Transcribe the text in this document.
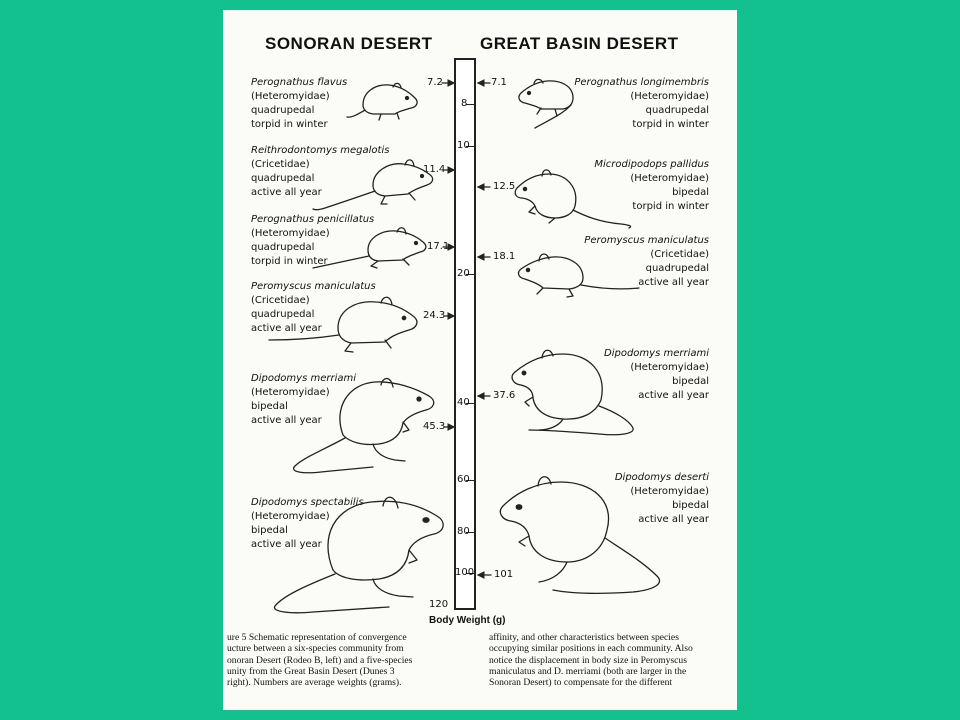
SONORAN DESERT	GREAT BASIN DESERT
Perognathus flavus
(Heteromyidae)
quadrupedal
torpid in winter
Reithrodontomys megalotis
(Cricetidae)
quadrupedal
active all year
Perognathus penicillatus
(Heteromyidae)
quadrupedal
torpid in winter
Peromyscus maniculatus
(Cricetidae)
quadrupedal
active all year
Dipodomys merriami
(Heteromyidae)
bipedal
active all year
Dipodomys spectabilis
(Heteromyidae)
bipedal
active all year
Perognathus longimembris
(Heteromyidae)
quadrupedal
torpid in winter
Microdipodops pallidus
(Heteromyidae)
bipedal
torpid in winter
Peromyscus maniculatus
(Cricetidae)
quadrupedal
active all year
Dipodomys merriami
(Heteromyidae)
bipedal
active all year
Dipodomys deserti
(Heteromyidae)
bipedal
active all year
8
10
20
40
60
80
100
120
7.2
11.4
17.1
24.3
45.3
7.1
12.5
18.1
37.6
101
Body Weight (g)
ure 5 Schematic representation of convergence
ucture between a six-species community from
onoran Desert (Rodeo B, left) and a five-species
unity from the Great Basin Desert (Dunes 3
right). Numbers are average weights (grams).
affinity, and other characteristics between species
occupying similar positions in each community. Also
notice the displacement in body size in Peromyscus
maniculatus and D. merriami (both are larger in the
Sonoran Desert) to compensate for the different
